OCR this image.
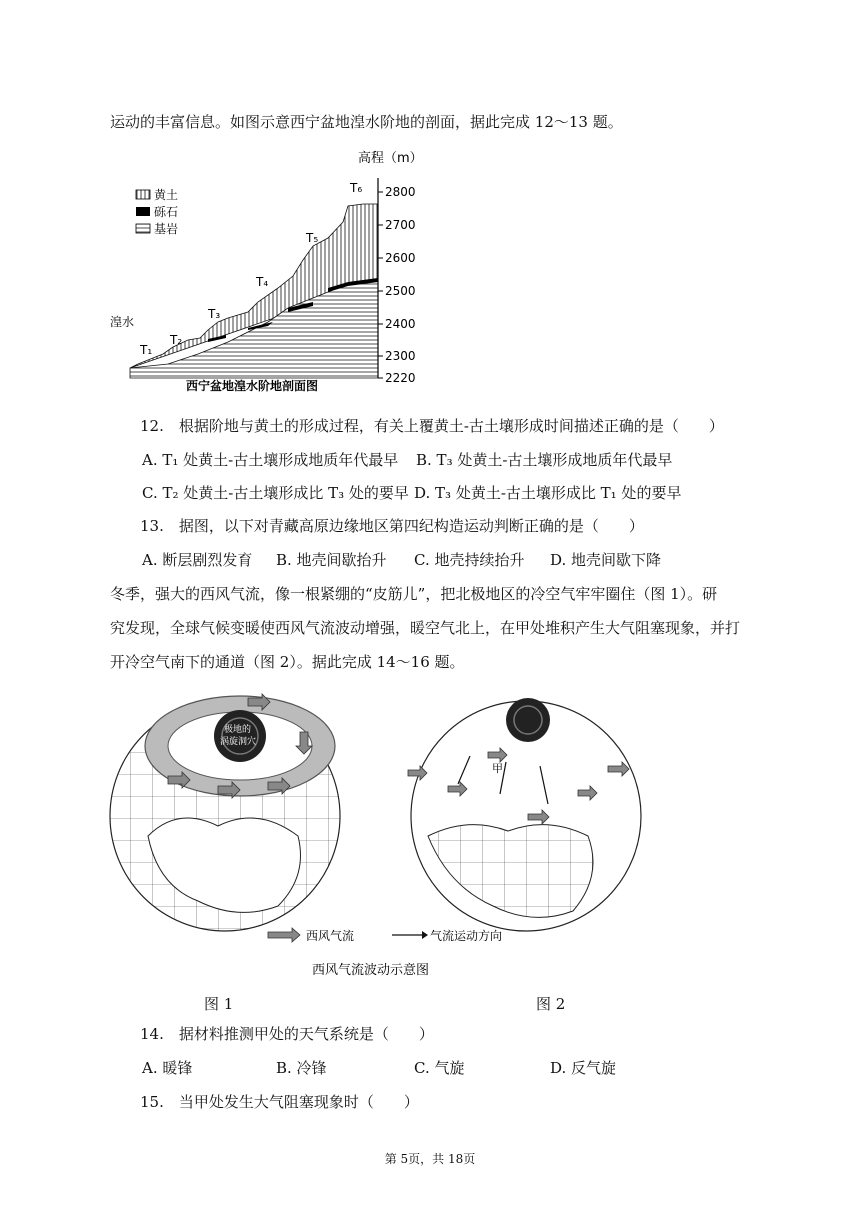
运动的丰富信息。如图示意西宁盆地湟水阶地的剖面，据此完成 12～13 题。
高程（m）
2800
2700
2600
2500
2400
2300
2220
黄土
砾石
基岩
湟水
T₁
T₂
T₃
T₄
T₅
T₆
西宁盆地湟水阶地剖面图
12.　根据阶地与黄土的形成过程，有关上覆黄土-古土壤形成时间描述正确的是（　　）
A. T₁ 处黄土-古土壤形成地质年代最早 B. T₃ 处黄土-古土壤形成地质年代最早
C. T₂ 处黄土-古土壤形成比 T₃ 处的要早 D. T₃ 处黄土-古土壤形成比 T₁ 处的要早
13.　据图，以下对青藏高原边缘地区第四纪构造运动判断正确的是（　　）
A. 断层剧烈发育 B. 地壳间歇抬升 C. 地壳持续抬升 D. 地壳间歇下降
冬季，强大的西风气流，像一根紧绷的“皮筋儿”，把北极地区的冷空气牢牢圈住（图 1）。研
究发现，全球气候变暖使西风气流波动增强，暖空气北上，在甲处堆积产生大气阻塞现象，并打
开冷空气南下的通道（图 2）。据此完成 14～16 题。
极地的
涡旋洞穴
甲
西风气流	气流运动方向
西风气流波动示意图
图 1	图 2
14.　据材料推测甲处的天气系统是（　　）
A. 暖锋	B. 冷锋	C. 气旋	D. 反气旋
15.　当甲处发生大气阻塞现象时（　　）
第 5页，共 18页
